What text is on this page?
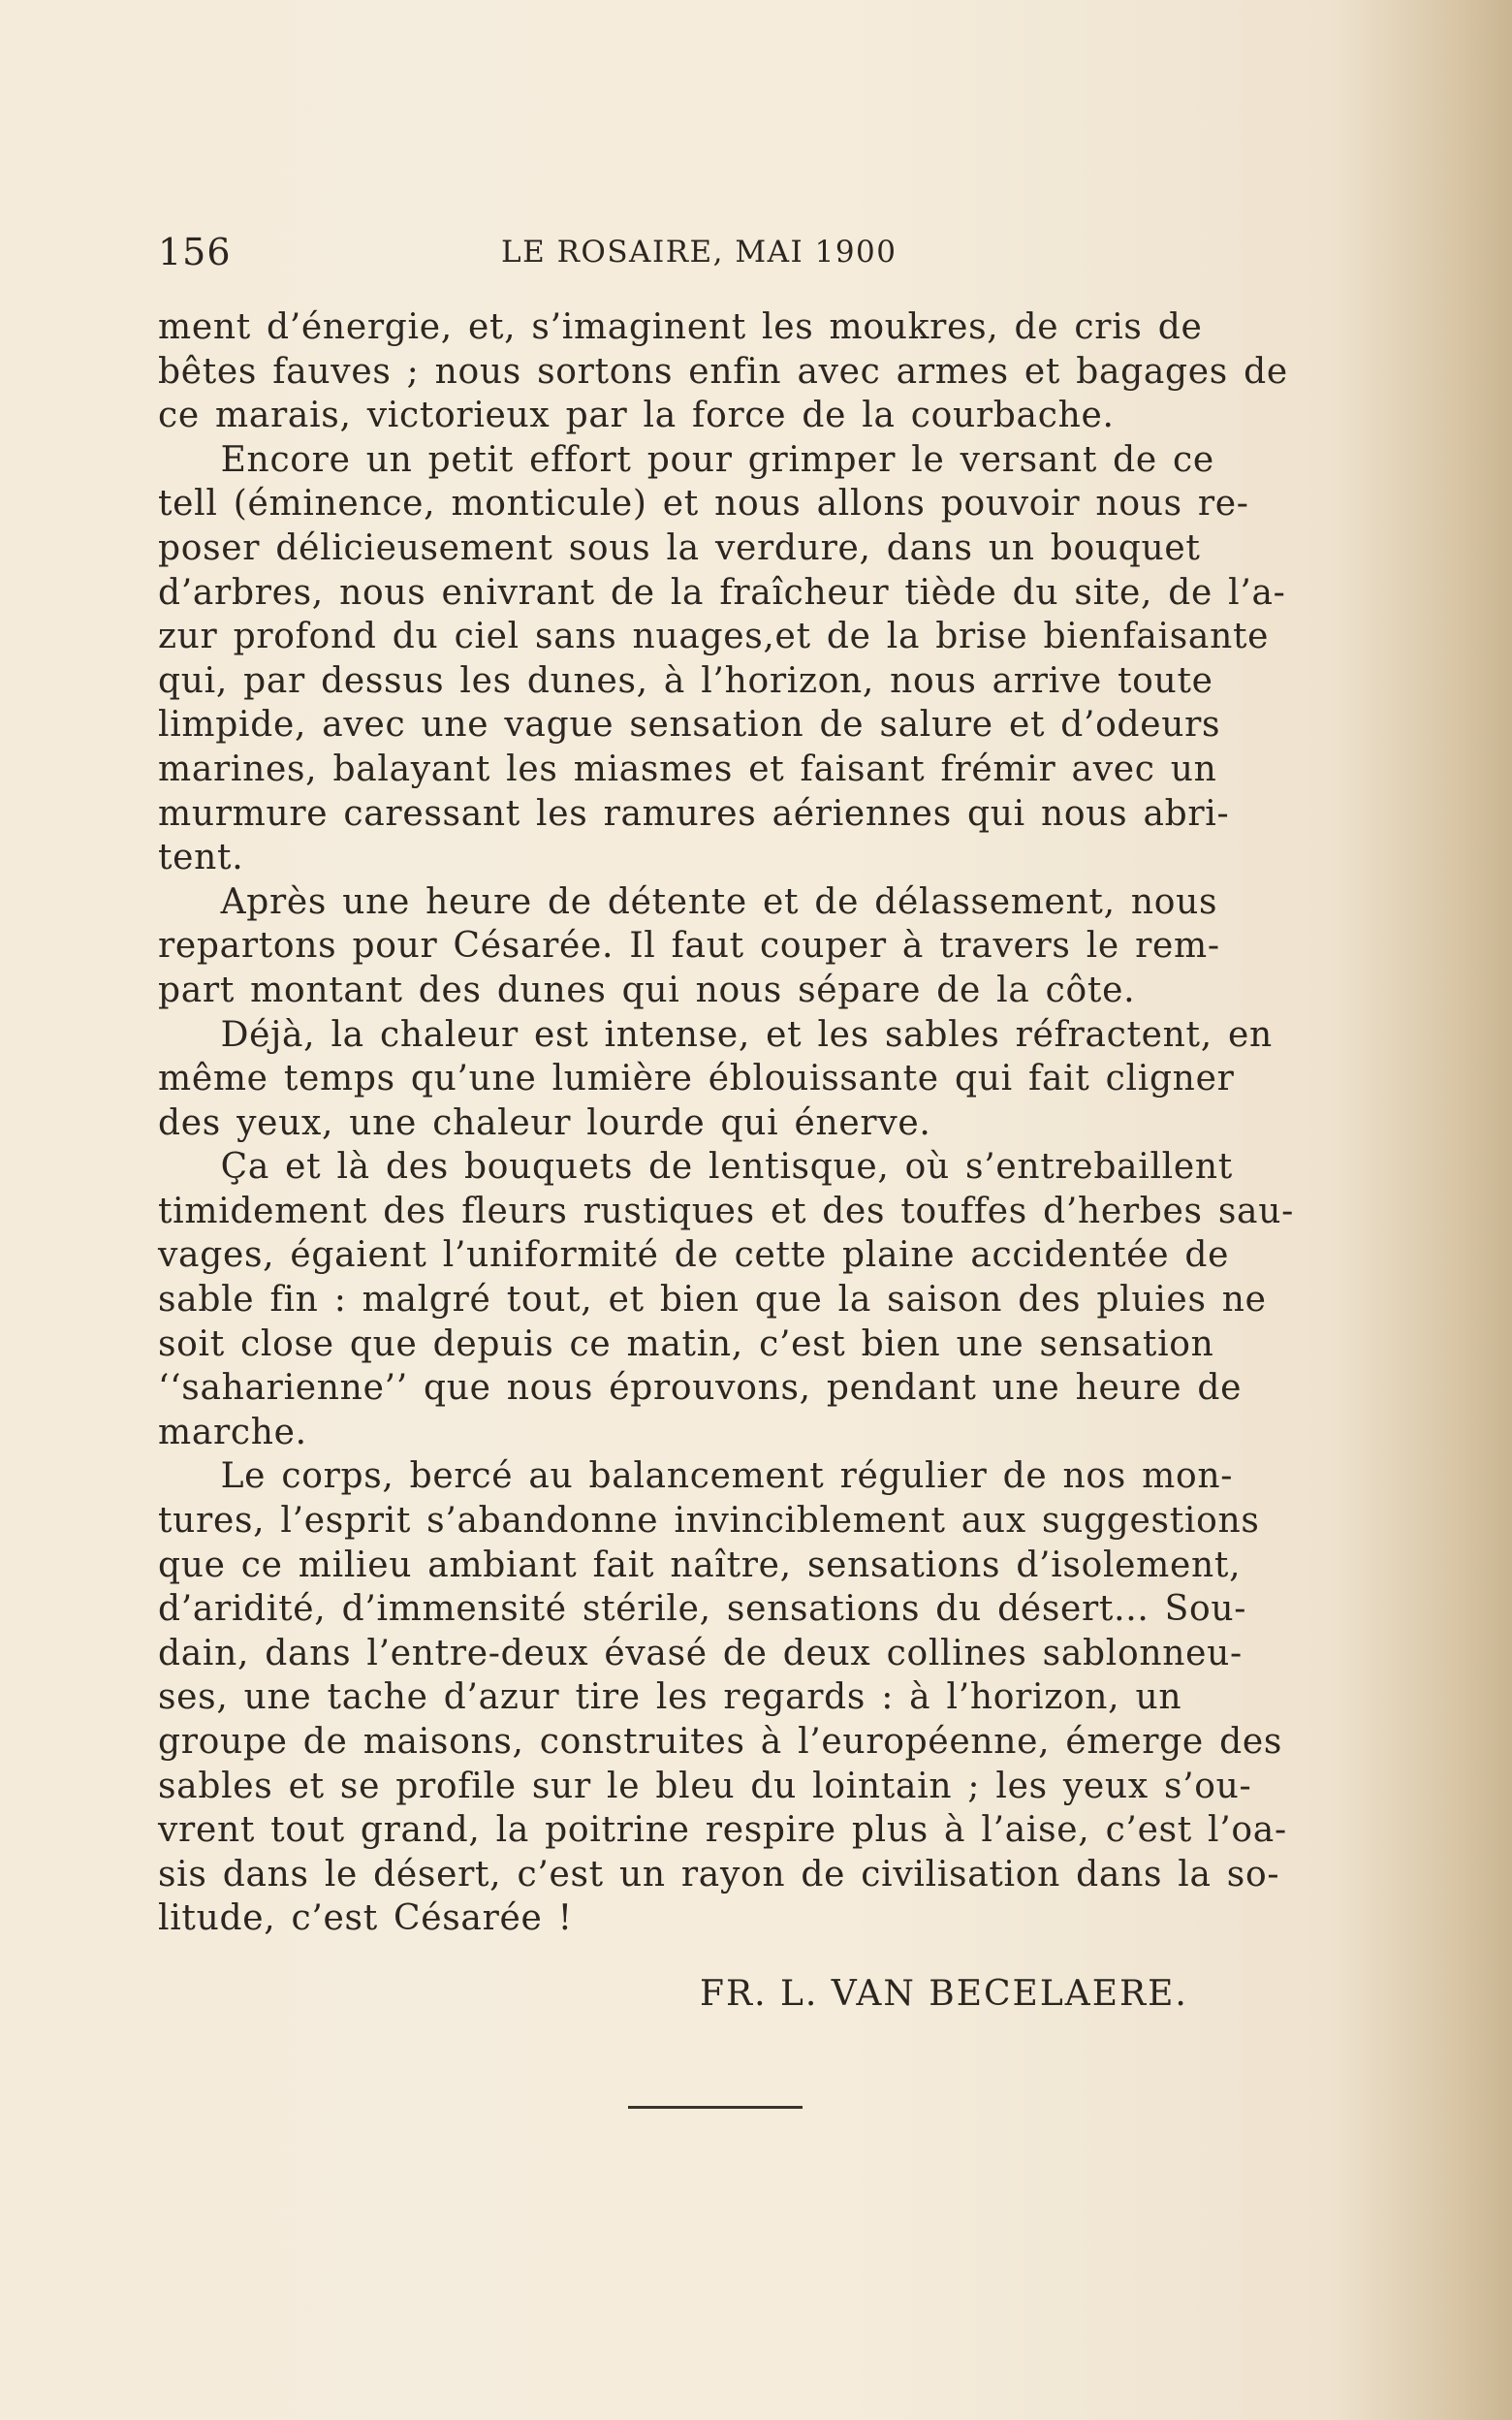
156	LE ROSAIRE, MAI 1900
ment d’énergie, et, s’imaginent les moukres, de cris de
bêtes fauves ; nous sortons enfin avec armes et bagages de
ce marais, victorieux par la force de la courbache.
Encore un petit effort pour grimper le versant de ce
tell (éminence, monticule) et nous allons pouvoir nous re-
poser délicieusement sous la verdure, dans un bouquet
d’arbres, nous enivrant de la fraîcheur tiède du site, de l’a-
zur profond du ciel sans nuages,et de la brise bienfaisante
qui, par dessus les dunes, à l’horizon, nous arrive toute
limpide, avec une vague sensation de salure et d’odeurs
marines, balayant les miasmes et faisant frémir avec un
murmure caressant les ramures aériennes qui nous abri-
tent.
Après une heure de détente et de délassement, nous
repartons pour Césarée. Il faut couper à travers le rem-
part montant des dunes qui nous sépare de la côte.
Déjà, la chaleur est intense, et les sables réfractent, en
même temps qu’une lumière éblouissante qui fait cligner
des yeux, une chaleur lourde qui énerve.
Ça et là des bouquets de lentisque, où s’entrebaillent
timidement des fleurs rustiques et des touffes d’herbes sau-
vages, égaient l’uniformité de cette plaine accidentée de
sable fin : malgré tout, et bien que la saison des pluies ne
soit close que depuis ce matin, c’est bien une sensation
‘‘saharienne’’ que nous éprouvons, pendant une heure de
marche.
Le corps, bercé au balancement régulier de nos mon-
tures, l’esprit s’abandonne invinciblement aux suggestions
que ce milieu ambiant fait naître, sensations d’isolement,
d’aridité, d’immensité stérile, sensations du désert... Sou-
dain, dans l’entre-deux évasé de deux collines sablonneu-
ses, une tache d’azur tire les regards : à l’horizon, un
groupe de maisons, construites à l’européenne, émerge des
sables et se profile sur le bleu du lointain ; les yeux s’ou-
vrent tout grand, la poitrine respire plus à l’aise, c’est l’oa-
sis dans le désert, c’est un rayon de civilisation dans la so-
litude, c’est Césarée !
FR. L. VAN BECELAERE.
